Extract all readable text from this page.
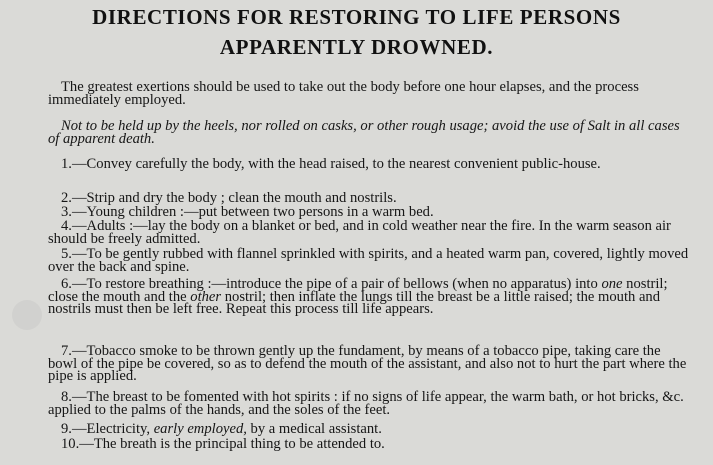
DIRECTIONS FOR RESTORING TO LIFE PERSONS
APPARENTLY DROWNED.
The greatest exertions should be used to take out the body before one hour elapses, and the process immediately employed.
Not to be held up by the heels, nor rolled on casks, or other rough usage; avoid the use of Salt in all cases of apparent death.
1.—Convey carefully the body, with the head raised, to the nearest convenient public-house.
2.—Strip and dry the body ; clean the mouth and nostrils.
3.—Young children :—put between two persons in a warm bed.
4.—Adults :—lay the body on a blanket or bed, and in cold weather near the fire. In the warm season air should be freely admitted.
5.—To be gently rubbed with flannel sprinkled with spirits, and a heated warm pan, covered, lightly moved over the back and spine.
6.—To restore breathing :—introduce the pipe of a pair of bellows (when no apparatus) into one nostril; close the mouth and the other nostril; then inflate the lungs till the breast be a little raised; the mouth and nostrils must then be left free. Repeat this process till life appears.
7.—Tobacco smoke to be thrown gently up the fundament, by means of a tobacco pipe, taking care the bowl of the pipe be covered, so as to defend the mouth of the assistant, and also not to hurt the part where the pipe is applied.
8.—The breast to be fomented with hot spirits : if no signs of life appear, the warm bath, or hot bricks, &c. applied to the palms of the hands, and the soles of the feet.
9.—Electricity, early employed, by a medical assistant.
10.—The breath is the principal thing to be attended to.
